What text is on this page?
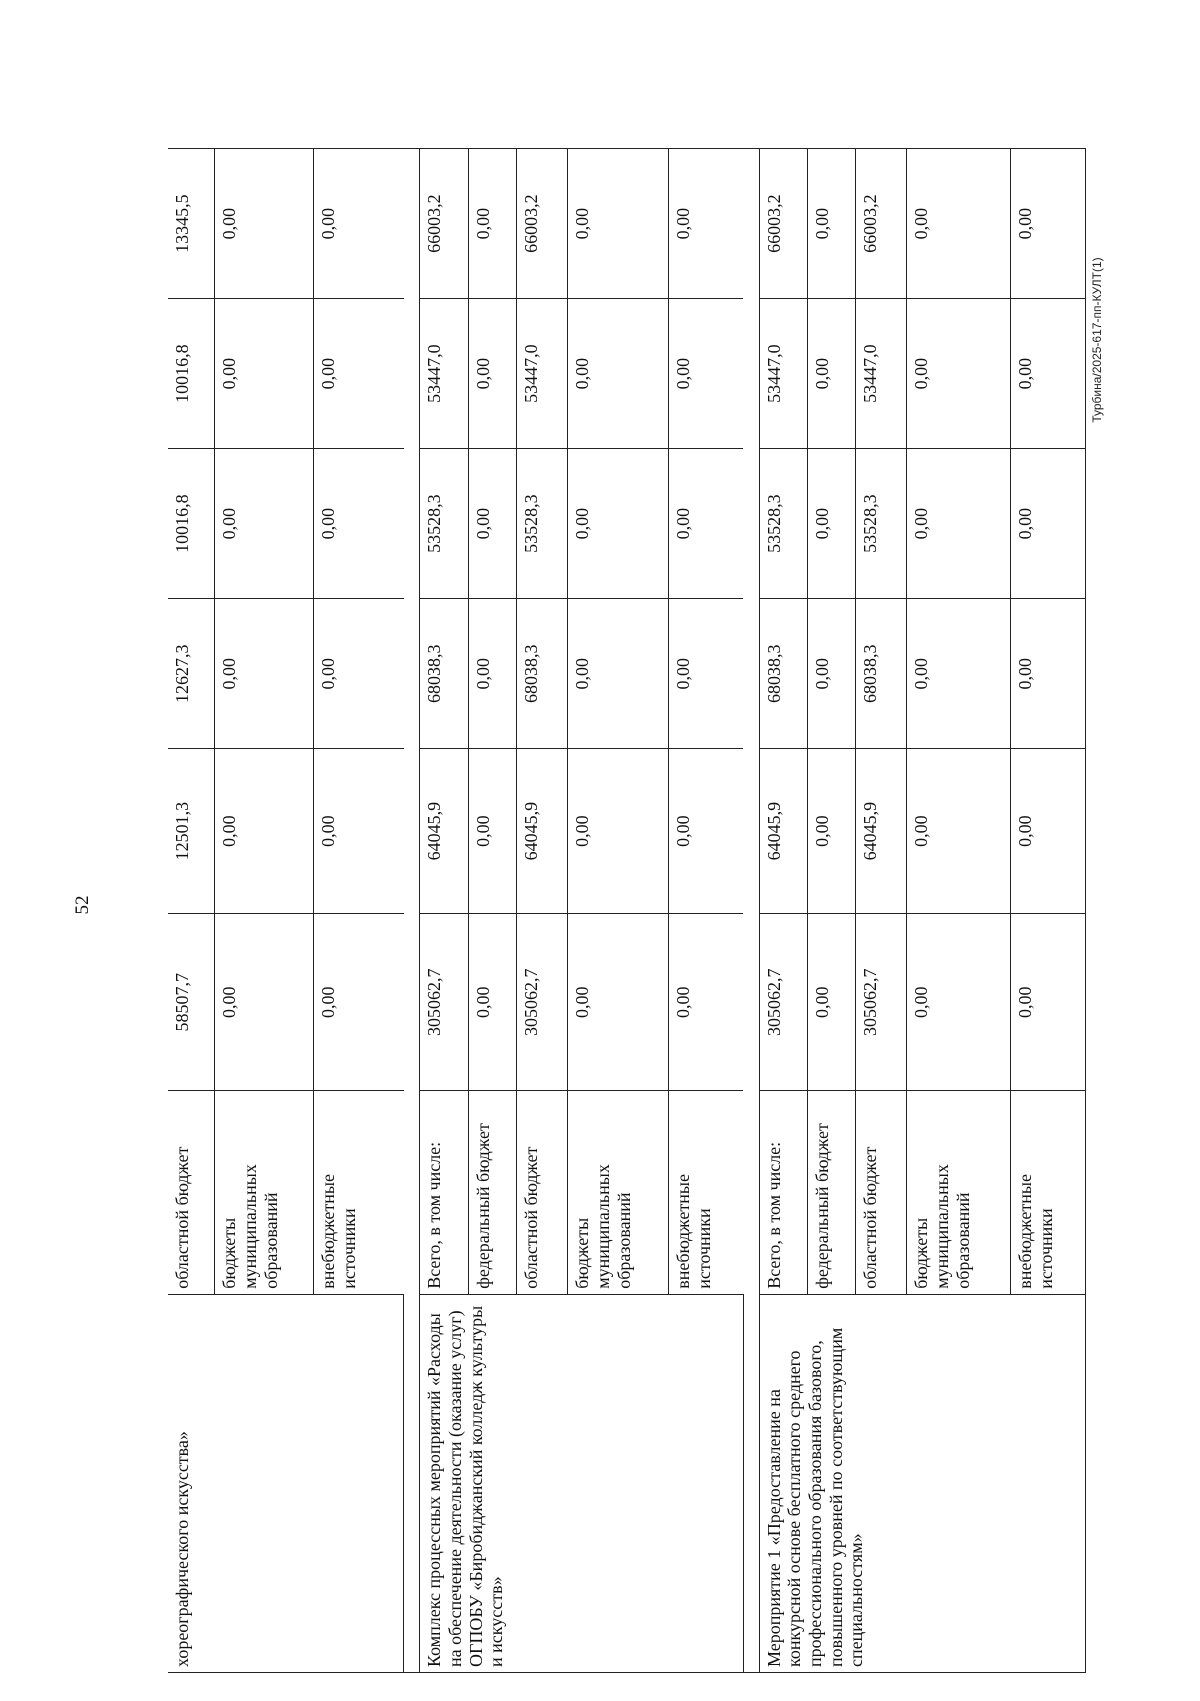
52
Турбина/2025-617-пп-КУЛТ(1)
хореографического искусства»	областной бюджет	58507,7	12501,3	12627,3	10016,8	10016,8	13345,5
	бюджеты муниципальных образований	0,00	0,00	0,00	0,00	0,00	0,00
	внебюджетные источники	0,00	0,00	0,00	0,00	0,00	0,00

Комплекс процессных мероприятий «Расходы на обеспечение деятельности (оказание услуг) ОГПОБУ «Биробиджанский колледж культуры и искусств»	Всего, в том числе:	305062,7	64045,9	68038,3	53528,3	53447,0	66003,2
	федеральный бюджет	0,00	0,00	0,00	0,00	0,00	0,00
	областной бюджет	305062,7	64045,9	68038,3	53528,3	53447,0	66003,2
	бюджеты муниципальных образований	0,00	0,00	0,00	0,00	0,00	0,00
	внебюджетные источники	0,00	0,00	0,00	0,00	0,00	0,00

Мероприятие 1 «Предоставление на конкурсной основе бесплатного среднего профессионального образования базового, повышенного уровней по соответствующим специальностям»	Всего, в том числе:	305062,7	64045,9	68038,3	53528,3	53447,0	66003,2
	федеральный бюджет	0,00	0,00	0,00	0,00	0,00	0,00
	областной бюджет	305062,7	64045,9	68038,3	53528,3	53447,0	66003,2
	бюджеты муниципальных образований	0,00	0,00	0,00	0,00	0,00	0,00
	внебюджетные источники	0,00	0,00	0,00	0,00	0,00	0,00
